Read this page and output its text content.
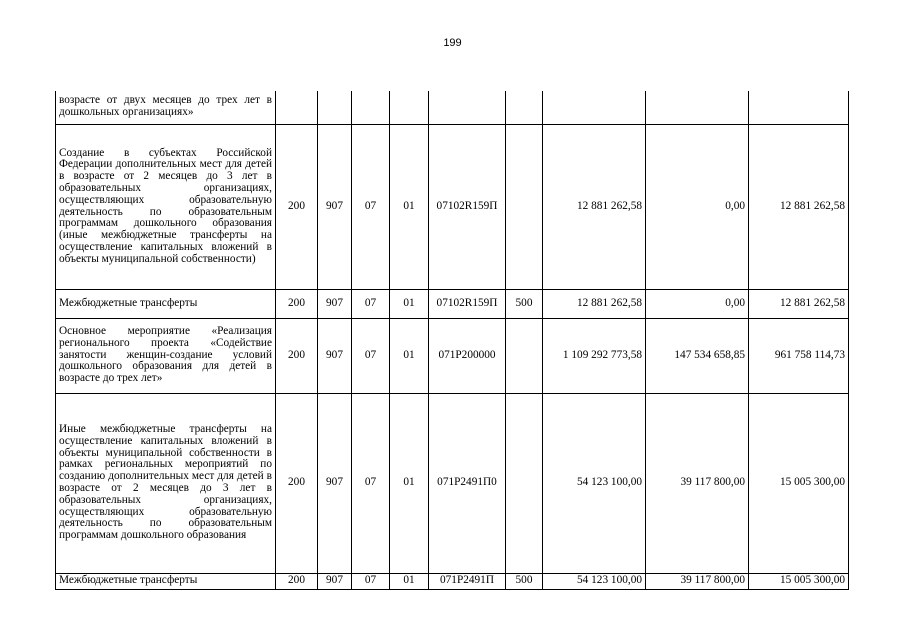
199
возрасте от двух месяцев до трех лет в дошкольных организациях»									
Создание в субъектах Российской Федерации дополнительных мест для детей в возрасте от 2 месяцев до 3 лет в образовательных организациях, осуществляющих образовательную деятельность по образовательным программам дошкольного образования (иные межбюджетные трансферты на осуществление капитальных вложений в объекты муниципальной собственности)	200	907	07	01	07102R159П		12 881 262,58	0,00	12 881 262,58
Межбюджетные трансферты	200	907	07	01	07102R159П	500	12 881 262,58	0,00	12 881 262,58
Основное мероприятие «Реализация регионального проекта «Содействие занятости женщин-создание условий дошкольного образования для детей в возрасте до трех лет»	200	907	07	01	071P200000		1 109 292 773,58	147 534 658,85	961 758 114,73
Иные межбюджетные трансферты на осуществление капитальных вложений в объекты муниципальной собственности в рамках региональных мероприятий по созданию дополнительных мест для детей в возрасте от 2 месяцев до 3 лет в образовательных организациях, осуществляющих образовательную деятельность по образовательным программам дошкольного образования	200	907	07	01	071P2491П0		54 123 100,00	39 117 800,00	15 005 300,00
Межбюджетные трансферты	200	907	07	01	071P2491П	500	54 123 100,00	39 117 800,00	15 005 300,00
